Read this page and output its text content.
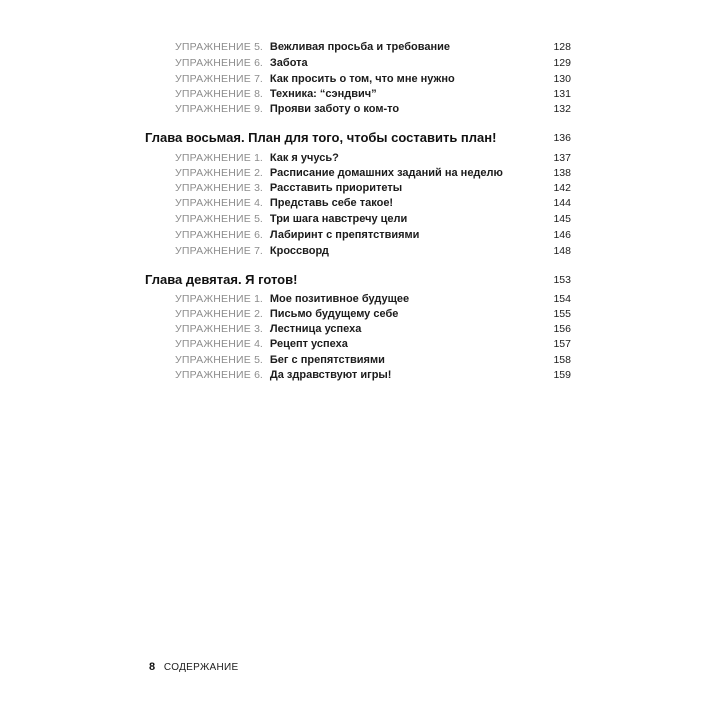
УПРАЖНЕНИЕ 5. Вежливая просьба и требование	128
УПРАЖНЕНИЕ 6. Забота	129
УПРАЖНЕНИЕ 7. Как просить о том, что мне нужно	130
УПРАЖНЕНИЕ 8. Техника: “сэндвич”	131
УПРАЖНЕНИЕ 9. Прояви заботу о ком-то	132
Глава восьмая. План для того, чтобы составить план!	136
УПРАЖНЕНИЕ 1. Как я учусь?	137
УПРАЖНЕНИЕ 2. Расписание домашних заданий на неделю	138
УПРАЖНЕНИЕ 3. Расставить приоритеты	142
УПРАЖНЕНИЕ 4. Представь себе такое!	144
УПРАЖНЕНИЕ 5. Три шага навстречу цели	145
УПРАЖНЕНИЕ 6. Лабиринт с препятствиями	146
УПРАЖНЕНИЕ 7. Кроссворд	148
Глава девятая. Я готов!	153
УПРАЖНЕНИЕ 1. Мое позитивное будущее	154
УПРАЖНЕНИЕ 2. Письмо будущему себе	155
УПРАЖНЕНИЕ 3. Лестница успеха	156
УПРАЖНЕНИЕ 4. Рецепт успеха	157
УПРАЖНЕНИЕ 5. Бег с препятствиями	158
УПРАЖНЕНИЕ 6. Да здравствуют игры!	159
8 СОДЕРЖАНИЕ
